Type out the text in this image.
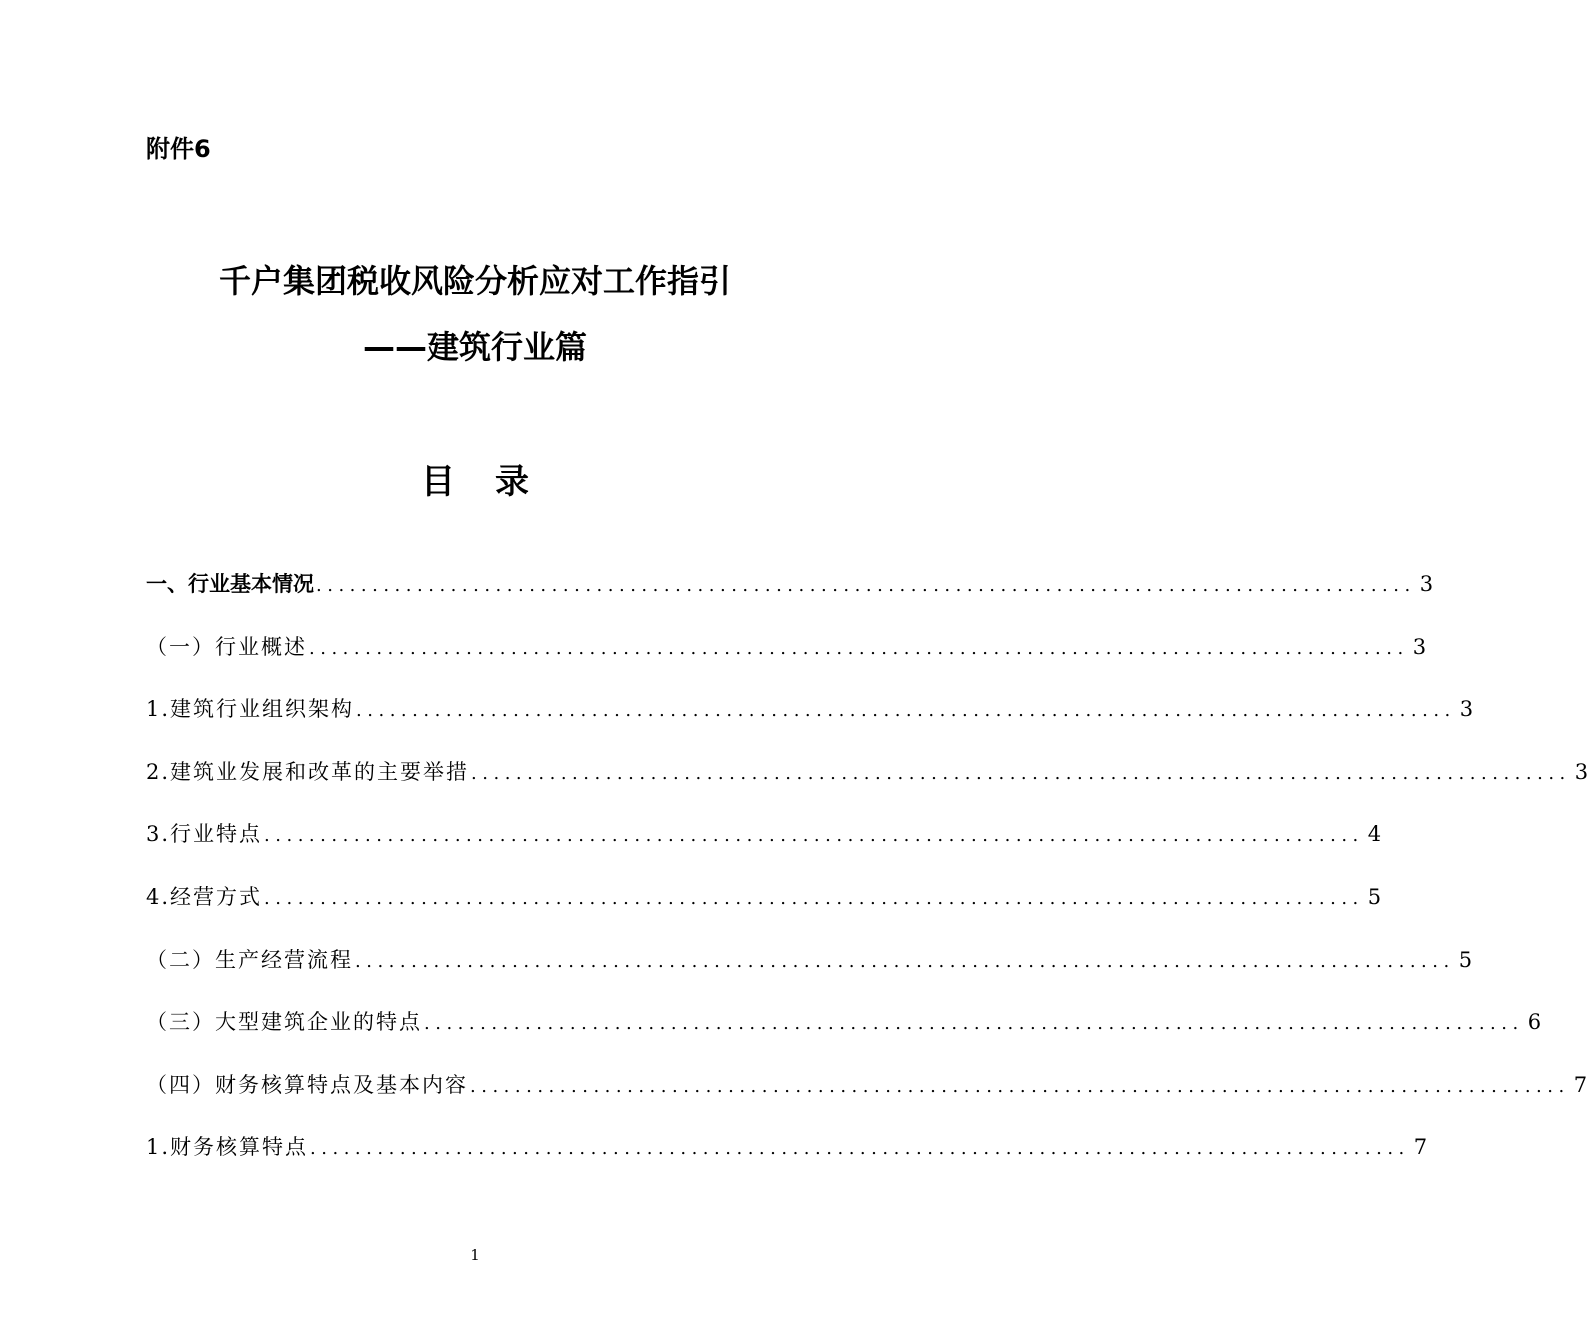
附件6
千户集团税收风险分析应对工作指引
——建筑行业篇
目 录
一、行业基本情况 .................................................................................................. 3
（一）行业概述 .................................................................................................. 3
1.建筑行业组织架构 .................................................................................................. 3
2.建筑业发展和改革的主要举措 .................................................................................................. 3
3.行业特点 .................................................................................................. 4
4.经营方式 .................................................................................................. 5
（二）生产经营流程 .................................................................................................. 5
（三）大型建筑企业的特点 .................................................................................................. 6
（四）财务核算特点及基本内容 .................................................................................................. 7
1.财务核算特点 .................................................................................................. 7
1
